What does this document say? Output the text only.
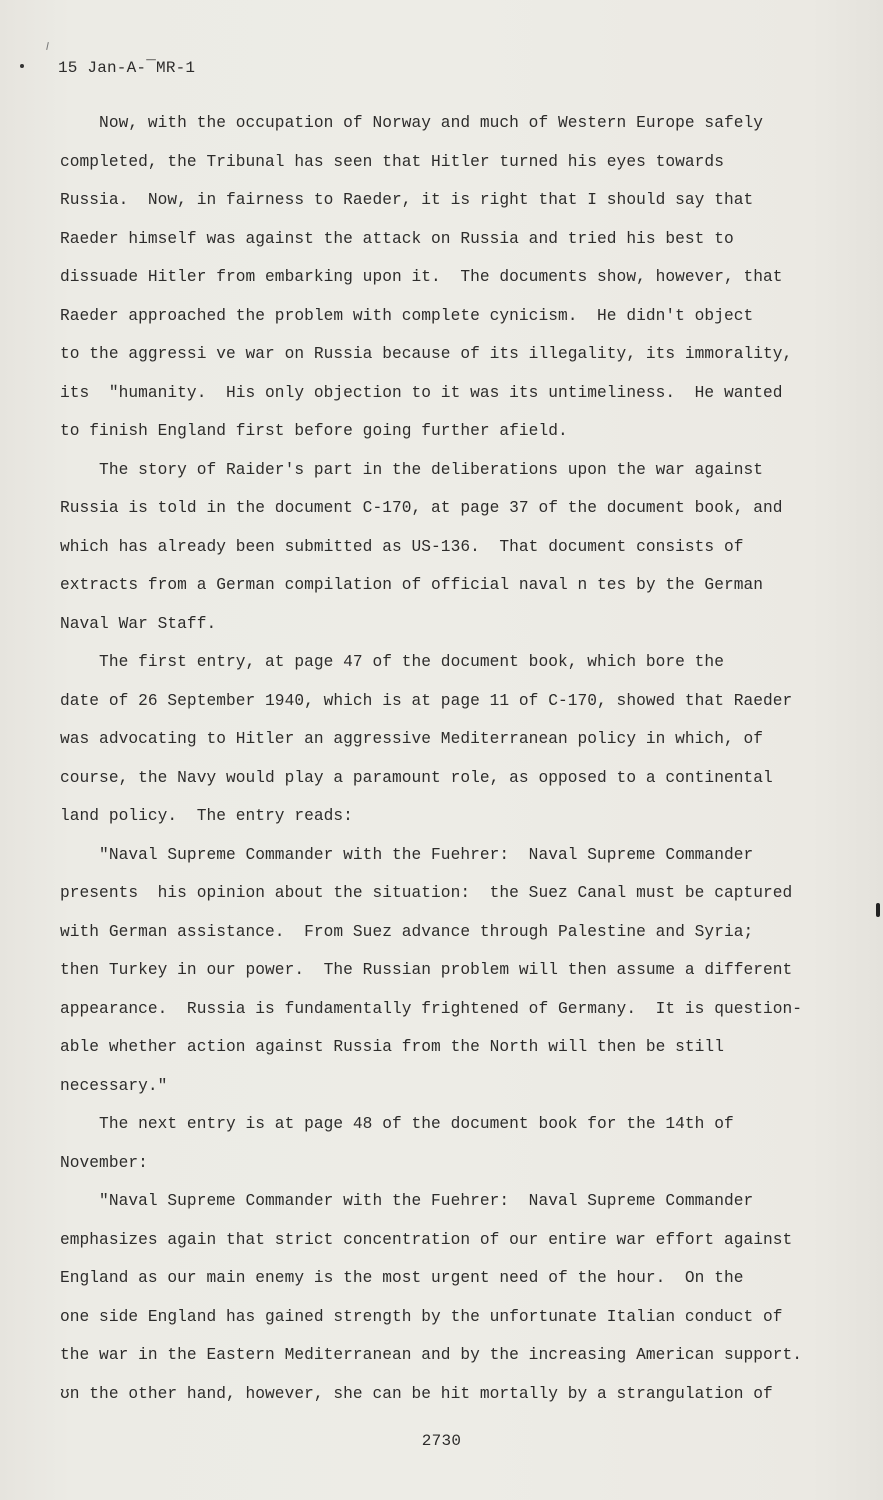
15 Jan-A-¯MR-1
Now, with the occupation of Norway and much of Western Europe safely
completed, the Tribunal has seen that Hitler turned his eyes towards
Russia.  Now, in fairness to Raeder, it is right that I should say that
Raeder himself was against the attack on Russia and tried his best to
dissuade Hitler from embarking upon it.  The documents show, however, that
Raeder approached the problem with complete cynicism.  He didn't object
to the aggressi ve war on Russia because of its illegality, its immorality,
its  ʺhumanity.  His only objection to it was its untimeliness.  He wanted
to finish England first before going further afield.
The story of Raider's part in the deliberations upon the war against
Russia is told in the document C-170, at page 37 of the document book, and
which has already been submitted as US-136.  That document consists of
extracts from a German compilation of official naval n tes by the German
Naval War Staff.
The first entry, at page 47 of the document book, which bore the
date of 26 September 1940, which is at page 11 of C-170, showed that Raeder
was advocating to Hitler an aggressive Mediterranean policy in which, of
course, the Navy would play a paramount role, as opposed to a continental
land policy.  The entry reads:
"Naval Supreme Commander with the Fuehrer:  Naval Supreme Commander
presents  his opinion about the situation:  the Suez Canal must be captured
with German assistance.  From Suez advance through Palestine and Syria;
then Turkey in our power.  The Russian problem will then assume a different
appearance.  Russia is fundamentally frightened of Germany.  It is question-
able whether action against Russia from the North will then be still
necessary."
The next entry is at page 48 of the document book for the 14th of
November:
"Naval Supreme Commander with the Fuehrer:  Naval Supreme Commander
emphasizes again that strict concentration of our entire war effort against
England as our main enemy is the most urgent need of the hour.  On the
one side England has gained strength by the unfortunate Italian conduct of
the war in the Eastern Mediterranean and by the increasing American support.
ʊn the other hand, however, she can be hit mortally by a strangulation of
2730
